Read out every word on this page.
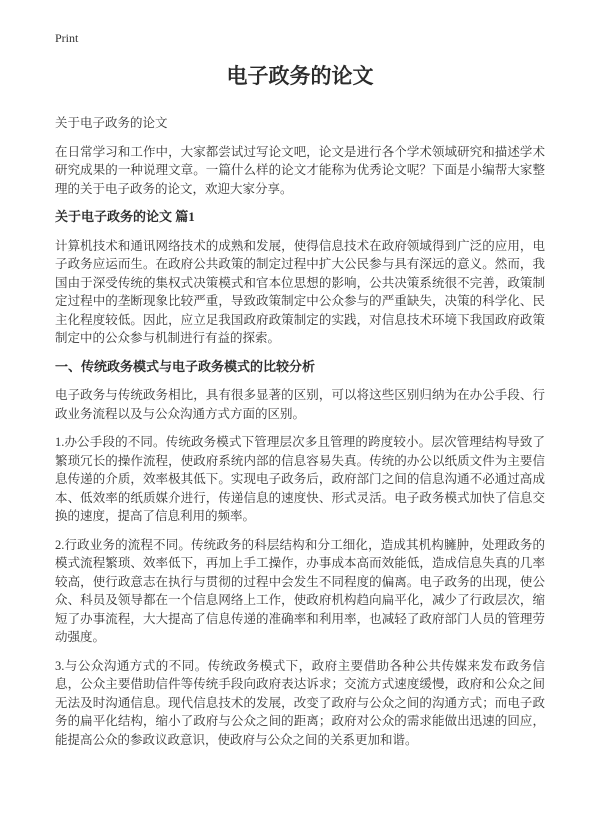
Print
电子政务的论文

关于电子政务的论文

在日常学习和工作中，大家都尝试过写论文吧，论文是进行各个学术领域研究和描述学术研究成果的一种说理文章。一篇什么样的论文才能称为优秀论文呢？下面是小编帮大家整理的关于电子政务的论文，欢迎大家分享。

关于电子政务的论文 篇1

计算机技术和通讯网络技术的成熟和发展，使得信息技术在政府领域得到广泛的应用，电子政务应运而生。在政府公共政策的制定过程中扩大公民参与具有深远的意义。然而，我国由于深受传统的集权式决策模式和官本位思想的影响，公共决策系统很不完善，政策制定过程中的垄断现象比较严重，导致政策制定中公众参与的严重缺失，决策的科学化、民主化程度较低。因此，应立足我国政府政策制定的实践，对信息技术环境下我国政府政策制定中的公众参与机制进行有益的探索。

一、传统政务模式与电子政务模式的比较分析

电子政务与传统政务相比，具有很多显著的区别，可以将这些区别归纳为在办公手段、行政业务流程以及与公众沟通方式方面的区别。

1.办公手段的不同。传统政务模式下管理层次多且管理的跨度较小。层次管理结构导致了繁琐冗长的操作流程，使政府系统内部的信息容易失真。传统的办公以纸质文件为主要信息传递的介质，效率极其低下。实现电子政务后，政府部门之间的信息沟通不必通过高成本、低效率的纸质媒介进行，传递信息的速度快、形式灵活。电子政务模式加快了信息交换的速度，提高了信息利用的频率。

2.行政业务的流程不同。传统政务的科层结构和分工细化，造成其机构臃肿，处理政务的模式流程繁琐、效率低下，再加上手工操作，办事成本高而效能低，造成信息失真的几率较高，使行政意志在执行与贯彻的过程中会发生不同程度的偏离。电子政务的出现，使公众、科员及领导都在一个信息网络上工作，使政府机构趋向扁平化，减少了行政层次，缩短了办事流程，大大提高了信息传递的准确率和利用率，也减轻了政府部门人员的管理劳动强度。

3.与公众沟通方式的不同。传统政务模式下，政府主要借助各种公共传媒来发布政务信息，公众主要借助信件等传统手段向政府表达诉求；交流方式速度缓慢，政府和公众之间无法及时沟通信息。现代信息技术的发展，改变了政府与公众之间的沟通方式；而电子政务的扁平化结构，缩小了政府与公众之间的距离；政府对公众的需求能做出迅速的回应，能提高公众的参政议政意识，使政府与公众之间的关系更加和谐。
